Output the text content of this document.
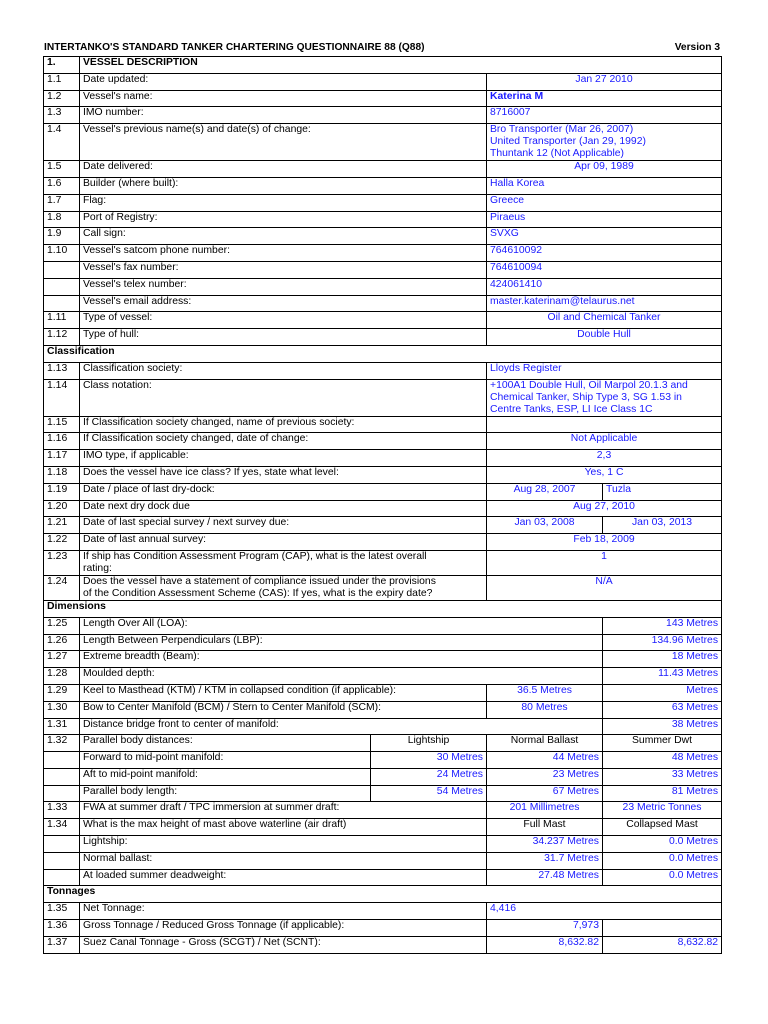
INTERTANKO'S STANDARD TANKER CHARTERING QUESTIONNAIRE 88 (Q88)	Version 3
1.	VESSEL DESCRIPTION			
1.1	Date updated:		Jan 27 2010	
1.2	Vessel's name:		Katerina M	
1.3	IMO number:		8716007	
1.4	Vessel's previous name(s) and date(s) of change:		Bro Transporter (Mar 26, 2007)
United Transporter (Jan 29, 1992)
Thuntank 12 (Not Applicable)	

1.5	Date delivered:		Apr 09, 1989	
1.6	Builder (where built):		Halla Korea	
1.7	Flag:		Greece	
1.8	Port of Registry:		Piraeus	
1.9	Call sign:		SVXG	
1.10	Vessel's satcom phone number:		764610092	
	Vessel's fax number:		764610094	
	Vessel's telex number:		424061410	
	Vessel's email address:		master.katerinam@telaurus.net	
1.11	Type of vessel:		Oil and Chemical Tanker	
1.12	Type of hull:		Double Hull	
Classification				
1.13	Classification society:		Lloyds Register	
1.14	Class notation:		+100A1 Double Hull, Oil Marpol 20.1.3 and
Chemical Tanker, Ship Type 3, SG 1.53 in
Centre Tanks, ESP, LI Ice Class 1C	

1.15	If Classification society changed, name of previous society:			
1.16	If Classification society changed, date of change:		Not Applicable	
1.17	IMO type, if applicable:		2,3	
1.18	Does the vessel have ice class? If yes, state what level:		Yes, 1 C	
1.19	Date / place of last dry-dock:		Aug 28, 2007	Tuzla
1.20	Date next dry dock due		Aug 27, 2010	
1.21	Date of last special survey / next survey due:		Jan 03, 2008	Jan 03, 2013
1.22	Date of last annual survey:		Feb 18, 2009	
1.23	If ship has Condition Assessment Program (CAP), what is the latest overall
rating:		1	
1.24	Does the vessel have a statement of compliance issued under the provisions
of the Condition Assessment Scheme (CAS): If yes, what is the expiry date?		N/A	
Dimensions				
1.25	Length Over All (LOA):			143 Metres
1.26	Length Between Perpendiculars (LBP):			134.96 Metres
1.27	Extreme breadth (Beam):			18 Metres
1.28	Moulded depth:			11.43 Metres
1.29	Keel to Masthead (KTM) / KTM in collapsed condition (if applicable):		36.5 Metres	Metres
1.30	Bow to Center Manifold (BCM) / Stern to Center Manifold (SCM):		80 Metres	63 Metres
1.31	Distance bridge front to center of manifold:			38 Metres
1.32	Parallel body distances:	Lightship	Normal Ballast	Summer Dwt
	Forward to mid-point manifold:	30 Metres	44 Metres	48 Metres
	Aft to mid-point manifold:	24 Metres	23 Metres	33 Metres
	Parallel body length:	54 Metres	67 Metres	81 Metres
1.33	FWA at summer draft / TPC immersion at summer draft:		201 Millimetres	23 Metric Tonnes
1.34	What is the max height of mast above waterline (air draft)		Full Mast	Collapsed Mast
	Lightship:		34.237 Metres	0.0 Metres
	Normal ballast:		31.7 Metres	0.0 Metres
	At loaded summer deadweight:		27.48 Metres	0.0 Metres
Tonnages				
1.35	Net Tonnage:		4,416	
1.36	Gross Tonnage / Reduced Gross Tonnage (if applicable):		7,973	
1.37	Suez Canal Tonnage - Gross (SCGT) / Net (SCNT):		8,632.82	8,632.82
